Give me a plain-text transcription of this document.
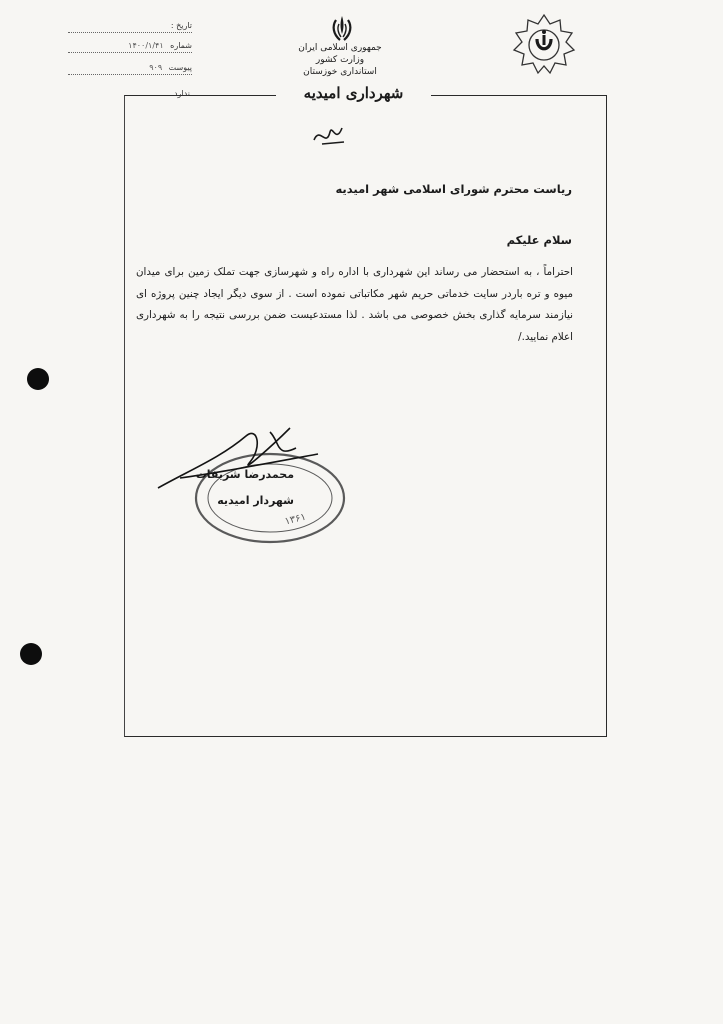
جمهوری اسلامی ایران
وزارت کشور
استانداری خوزستان
شهرداری امیدیه
تاریخ :
شماره ۱۴۰۰/۱/۴۱
پیوست ۹۰۹
ندارد
ریاست محترم شورای اسلامی شهر امیدیه
سلام علیکم
احتراماً ، به استحضار می رساند این شهرداری با اداره راه و شهرسازی جهت تملک زمین برای میدان میوه و تره باردر سایت خدماتی حریم شهر مکاتباتی نموده است . از سوی دیگر ایجاد چنین پروژه ای نیازمند سرمایه گذاری بخش خصوصی می باشد . لذا مستدعیست ضمن بررسی نتیجه را به شهرداری اعلام نمایید./
۱۳۶۱
محمدرضا شریفات
شهردار امیدیه
